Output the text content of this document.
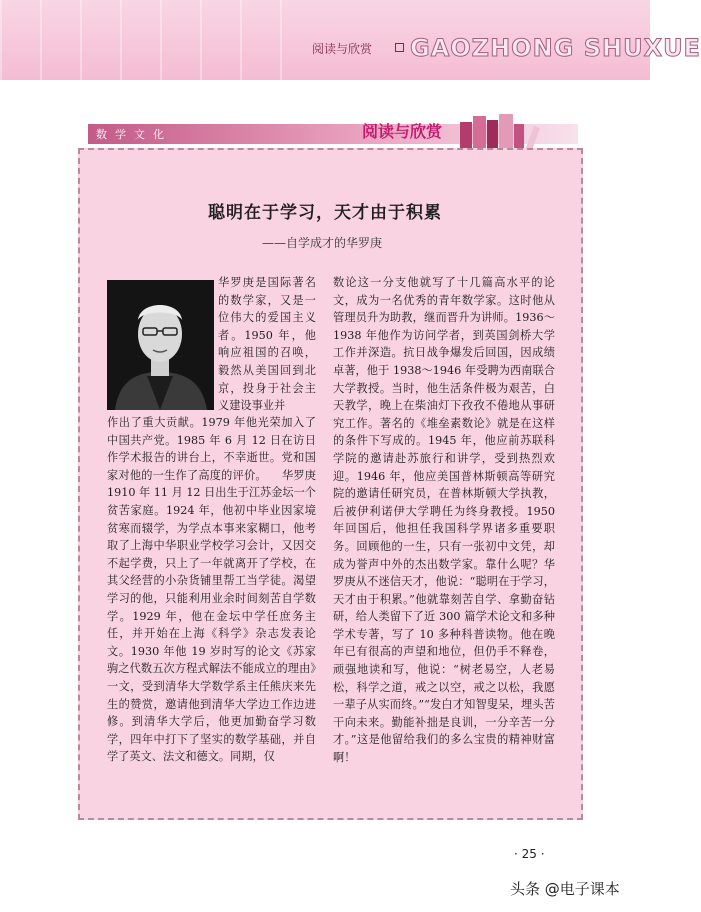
阅读与欣赏 GAOZHONG SHUXUE
数学文化	阅读与欣赏
聪明在于学习，天才由于积累
——自学成才的华罗庚

华罗庚是国际著名的数学家，又是一位伟大的爱国主义者。1950 年，他响应祖国的召唤，毅然从美国回到北京，投身于社会主义建设事业并

作出了重大贡献。1979 年他光荣加入了中国共产党。1985 年 6 月 12 日在访日作学术报告的讲台上，不幸逝世。党和国家对他的一生作了高度的评价。    华罗庚 1910 年 11 月 12 日出生于江苏金坛一个贫苦家庭。1924 年，他初中毕业因家境贫寒而辍学，为学点本事来家糊口，他考取了上海中华职业学校学习会计，又因交不起学费，只上了一年就离开了学校，在其父经营的小杂货铺里帮工当学徒。渴望学习的他，只能利用业余时间刻苦自学数学。1929 年，他在金坛中学任庶务主任，并开始在上海《科学》杂志发表论文。1930 年他 19 岁时写的论文《苏家驹之代数五次方程式解法不能成立的理由》一文，受到清华大学数学系主任熊庆来先生的赞赏，邀请他到清华大学边工作边进修。到清华大学后，他更加勤奋学习数学，四年中打下了坚实的数学基础，并自学了英文、法文和德文。同期，仅

数论这一分支他就写了十几篇高水平的论文，成为一名优秀的青年数学家。这时他从管理员升为助教，继而晋升为讲师。1936～1938 年他作为访问学者，到英国剑桥大学工作并深造。抗日战争爆发后回国，因成绩卓著，他于 1938～1946 年受聘为西南联合大学教授。当时，他生活条件极为艰苦，白天教学，晚上在柴油灯下孜孜不倦地从事研究工作。著名的《堆垒素数论》就是在这样的条件下写成的。1945 年，他应前苏联科学院的邀请赴苏旅行和讲学，受到热烈欢迎。1946 年，他应美国普林斯顿高等研究院的邀请任研究员，在普林斯顿大学执教，后被伊利诺伊大学聘任为终身教授。1950 年回国后，他担任我国科学界诸多重要职务。回顾他的一生，只有一张初中文凭，却成为誉声中外的杰出数学家。靠什么呢？华罗庚从不迷信天才，他说：“聪明在于学习，天才由于积累。”他就靠刻苦自学、拿勤奋钻研，给人类留下了近 300 篇学术论文和多种学术专著，写了 10 多种科普读物。他在晚年已有很高的声望和地位，但仍手不释卷，顽强地读和写，他说：“树老易空，人老易松，科学之道，戒之以空，戒之以松，我愿一辈子从实而终。”“发白才知智叟呆，埋头苦干向未来。勤能补拙是良训，一分辛苦一分才。”这是他留给我们的多么宝贵的精神财富啊！

· 25 ·
头条 @电子课本
